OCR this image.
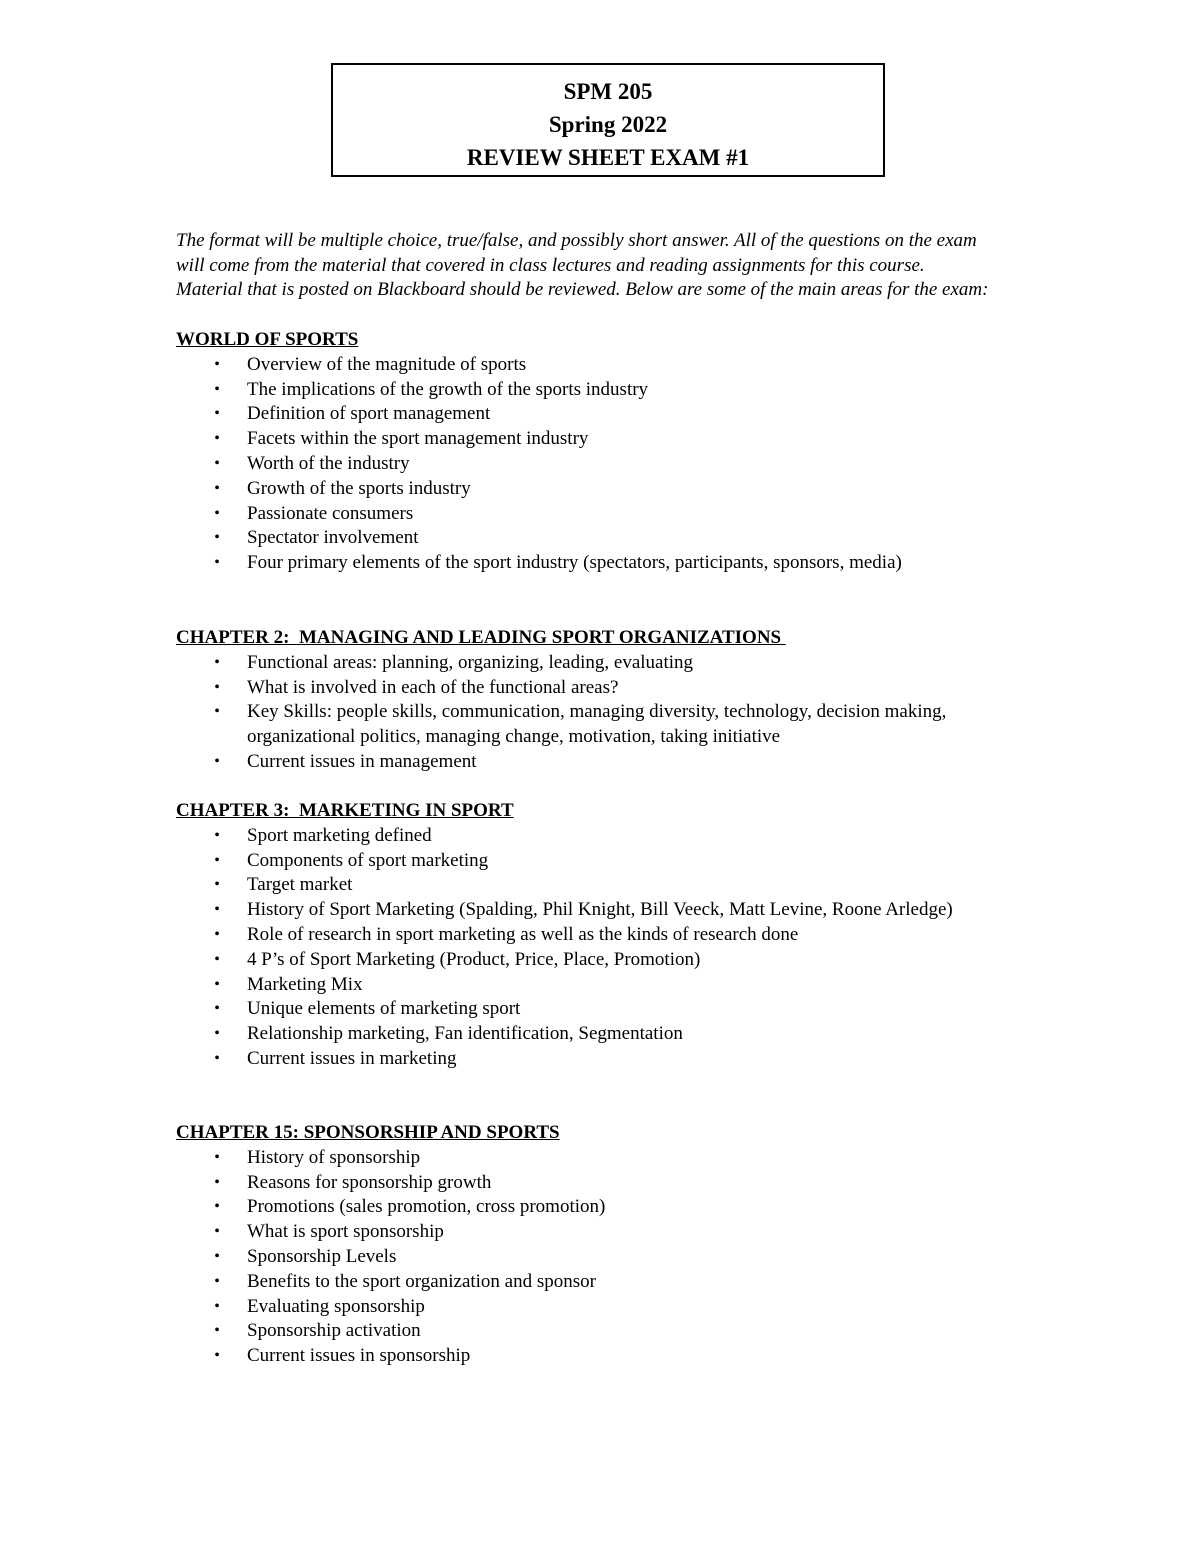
SPM 205
Spring 2022
REVIEW SHEET EXAM #1
The format will be multiple choice, true/false, and possibly short answer. All of the questions on the exam
will come from the material that covered in class lectures and reading assignments for this course.
Material that is posted on Blackboard should be reviewed. Below are some of the main areas for the exam:
WORLD OF SPORTS
• Overview of the magnitude of sports
• The implications of the growth of the sports industry
• Definition of sport management
• Facets within the sport management industry
• Worth of the industry
• Growth of the sports industry
• Passionate consumers
• Spectator involvement
• Four primary elements of the sport industry (spectators, participants, sponsors, media)
CHAPTER 2:  MANAGING AND LEADING SPORT ORGANIZATIONS
• Functional areas: planning, organizing, leading, evaluating
• What is involved in each of the functional areas?
• Key Skills: people skills, communication, managing diversity, technology, decision making, organizational politics, managing change, motivation, taking initiative
• Current issues in management
CHAPTER 3:  MARKETING IN SPORT
• Sport marketing defined
• Components of sport marketing
• Target market
• History of Sport Marketing (Spalding, Phil Knight, Bill Veeck, Matt Levine, Roone Arledge)
• Role of research in sport marketing as well as the kinds of research done
• 4 P’s of Sport Marketing (Product, Price, Place, Promotion)
• Marketing Mix
• Unique elements of marketing sport
• Relationship marketing, Fan identification, Segmentation
• Current issues in marketing
CHAPTER 15: SPONSORSHIP AND SPORTS
• History of sponsorship
• Reasons for sponsorship growth
• Promotions (sales promotion, cross promotion)
• What is sport sponsorship
• Sponsorship Levels
• Benefits to the sport organization and sponsor
• Evaluating sponsorship
• Sponsorship activation
• Current issues in sponsorship
